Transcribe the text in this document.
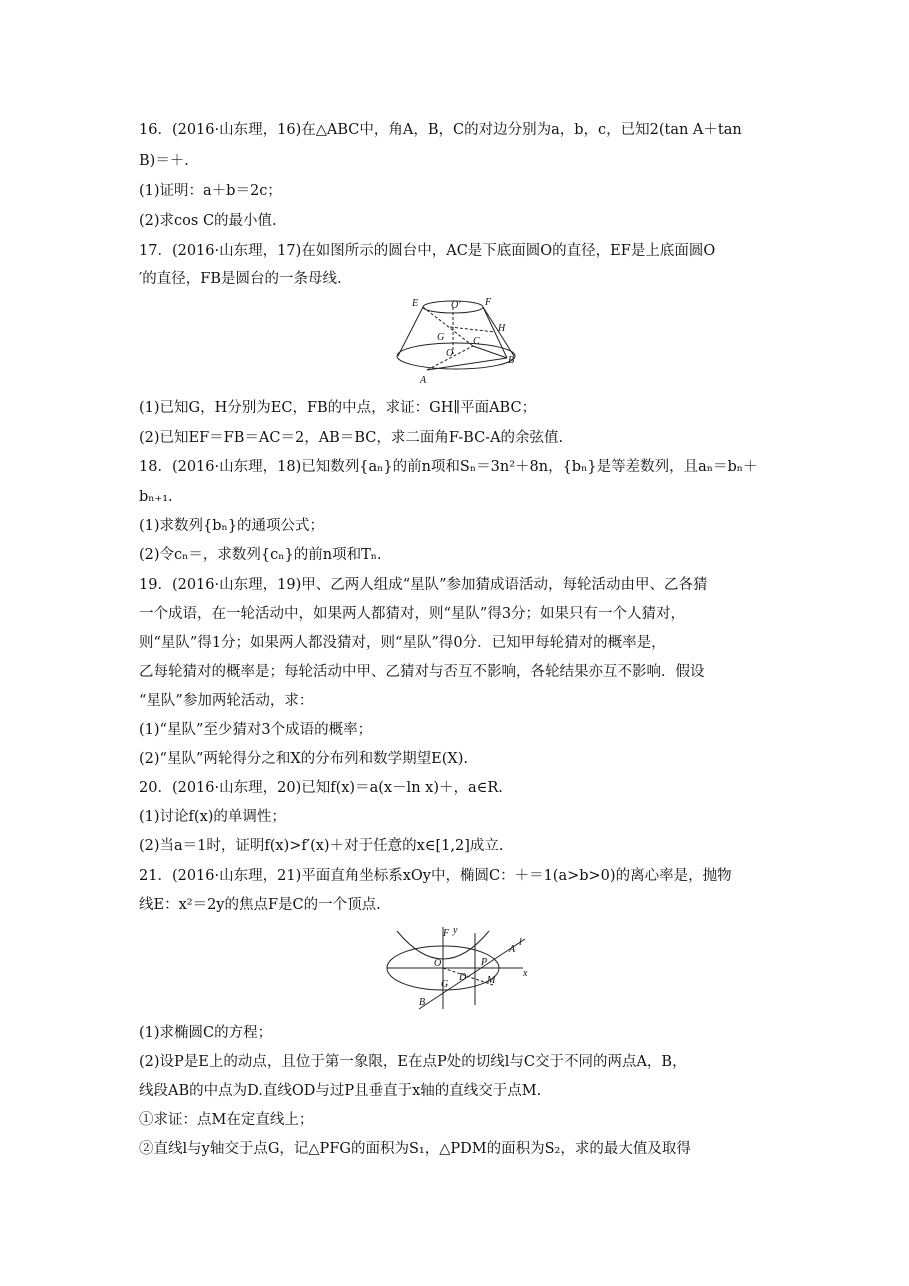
16．(2016·山东理，16)在△ABC中，角A，B，C的对边分别为a，b，c，已知2(tan A＋tan
B)＝＋.
(1)证明：a＋b＝2c；
(2)求cos C的最小值.
17．(2016·山东理，17)在如图所示的圆台中，AC是下底面圆O的直径，EF是上底面圆O
′的直径，FB是圆台的一条母线.
E	O′ F
H
G	C
O
B
A
(1)已知G，H分别为EC，FB的中点，求证：GH∥平面ABC；
(2)已知EF＝FB＝AC＝2，AB＝BC，求二面角F-BC-A的余弦值.
18．(2016·山东理，18)已知数列{aₙ}的前n项和Sₙ＝3n²＋8n，{bₙ}是等差数列，且aₙ＝bₙ＋
bₙ₊₁.
(1)求数列{bₙ}的通项公式；
(2)令cₙ＝，求数列{cₙ}的前n项和Tₙ.
19．(2016·山东理，19)甲、乙两人组成“星队”参加猜成语活动，每轮活动由甲、乙各猜
一个成语，在一轮活动中，如果两人都猜对，则“星队”得3分；如果只有一个人猜对，
则“星队”得1分；如果两人都没猜对，则“星队”得0分．已知甲每轮猜对的概率是，
乙每轮猜对的概率是；每轮活动中甲、乙猜对与否互不影响，各轮结果亦互不影响．假设
“星队”参加两轮活动，求：
(1)“星队”至少猜对3个成语的概率；
(2)“星队”两轮得分之和X的分布列和数学期望E(X).
20．(2016·山东理，20)已知f(x)＝a(x－ln x)＋，a∈R.
(1)讨论f(x)的单调性；
(2)当a＝1时，证明f(x)>f′(x)＋对于任意的x∈[1,2]成立.
21．(2016·山东理，21)平面直角坐标系xOy中，椭圆C：＋＝1(a>b>0)的离心率是，抛物
线E：x²＝2y的焦点F是C的一个顶点.
F y
l
A
O	P
x
D M
G
B
(1)求椭圆C的方程；
(2)设P是E上的动点，且位于第一象限，E在点P处的切线l与C交于不同的两点A，B，
线段AB的中点为D.直线OD与过P且垂直于x轴的直线交于点M.
①求证：点M在定直线上；
②直线l与y轴交于点G，记△PFG的面积为S₁，△PDM的面积为S₂，求的最大值及取得
